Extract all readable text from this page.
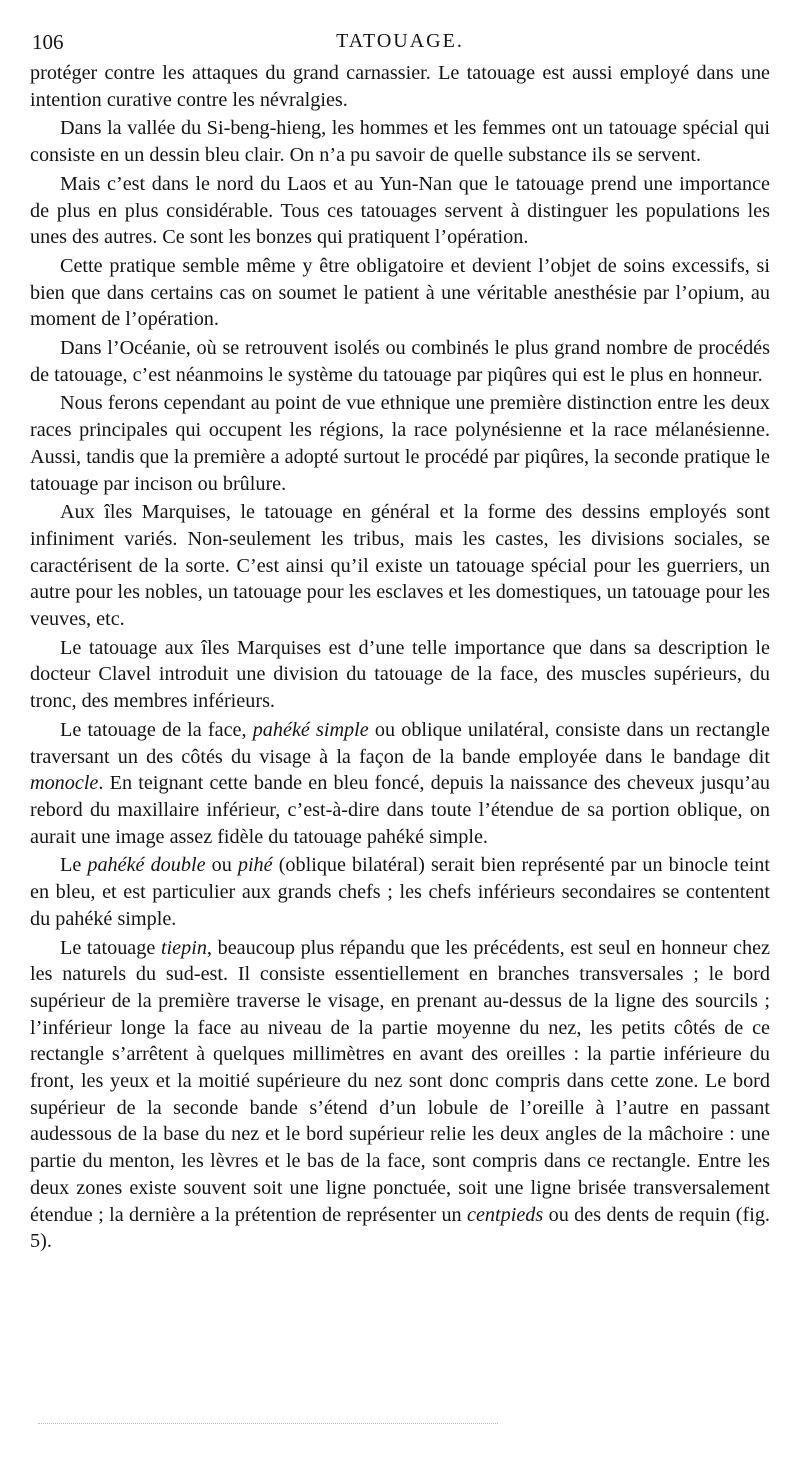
106	TATOUAGE.

protéger contre les attaques du grand carnassier. Le tatouage est aussi employé dans une intention curative contre les névralgies.

Dans la vallée du Si-beng-hieng, les hommes et les femmes ont un tatouage spécial qui consiste en un dessin bleu clair. On n’a pu savoir de quelle substance ils se servent.

Mais c’est dans le nord du Laos et au Yun-Nan que le tatouage prend une importance de plus en plus considérable. Tous ces tatouages servent à distinguer les populations les unes des autres. Ce sont les bonzes qui pratiquent l’opération.

Cette pratique semble même y être obligatoire et devient l’objet de soins excessifs, si bien que dans certains cas on soumet le patient à une véritable anesthésie par l’opium, au moment de l’opération.

Dans l’Océanie, où se retrouvent isolés ou combinés le plus grand nombre de procédés de tatouage, c’est néanmoins le système du tatouage par piqûres qui est le plus en honneur.

Nous ferons cependant au point de vue ethnique une première distinction entre les deux races principales qui occupent les régions, la race polynésienne et la race mélanésienne. Aussi, tandis que la première a adopté surtout le procédé par piqûres, la seconde pratique le tatouage par incison ou brûlure.

Aux îles Marquises, le tatouage en général et la forme des dessins employés sont infiniment variés. Non-seulement les tribus, mais les castes, les divisions sociales, se caractérisent de la sorte. C’est ainsi qu’il existe un tatouage spécial pour les guerriers, un autre pour les nobles, un tatouage pour les esclaves et les domestiques, un tatouage pour les veuves, etc.

Le tatouage aux îles Marquises est d’une telle importance que dans sa description le docteur Clavel introduit une division du tatouage de la face, des muscles supérieurs, du tronc, des membres inférieurs.

Le tatouage de la face, pahéké simple ou oblique unilatéral, consiste dans un rectangle traversant un des côtés du visage à la façon de la bande employée dans le bandage dit monocle. En teignant cette bande en bleu foncé, depuis la naissance des cheveux jusqu’au rebord du maxillaire inférieur, c’est-à-dire dans toute l’étendue de sa portion oblique, on aurait une image assez fidèle du tatouage pahéké simple.

Le pahéké double ou pihé (oblique bilatéral) serait bien représenté par un binocle teint en bleu, et est particulier aux grands chefs ; les chefs inférieurs secondaires se contentent du pahéké simple.

Le tatouage tiepin, beaucoup plus répandu que les précédents, est seul en honneur chez les naturels du sud-est. Il consiste essentiellement en branches transversales ; le bord supérieur de la première traverse le visage, en prenant au-dessus de la ligne des sourcils ; l’inférieur longe la face au niveau de la partie moyenne du nez, les petits côtés de ce rectangle s’arrêtent à quelques millimètres en avant des oreilles : la partie inférieure du front, les yeux et la moitié supérieure du nez sont donc compris dans cette zone. Le bord supérieur de la seconde bande s’étend d’un lobule de l’oreille à l’autre en passant audessous de la base du nez et le bord supérieur relie les deux angles de la mâchoire : une partie du menton, les lèvres et le bas de la face, sont compris dans ce rectangle. Entre les deux zones existe souvent soit une ligne ponctuée, soit une ligne brisée transversalement étendue ; la dernière a la prétention de représenter un centpieds ou des dents de requin (fig. 5).
